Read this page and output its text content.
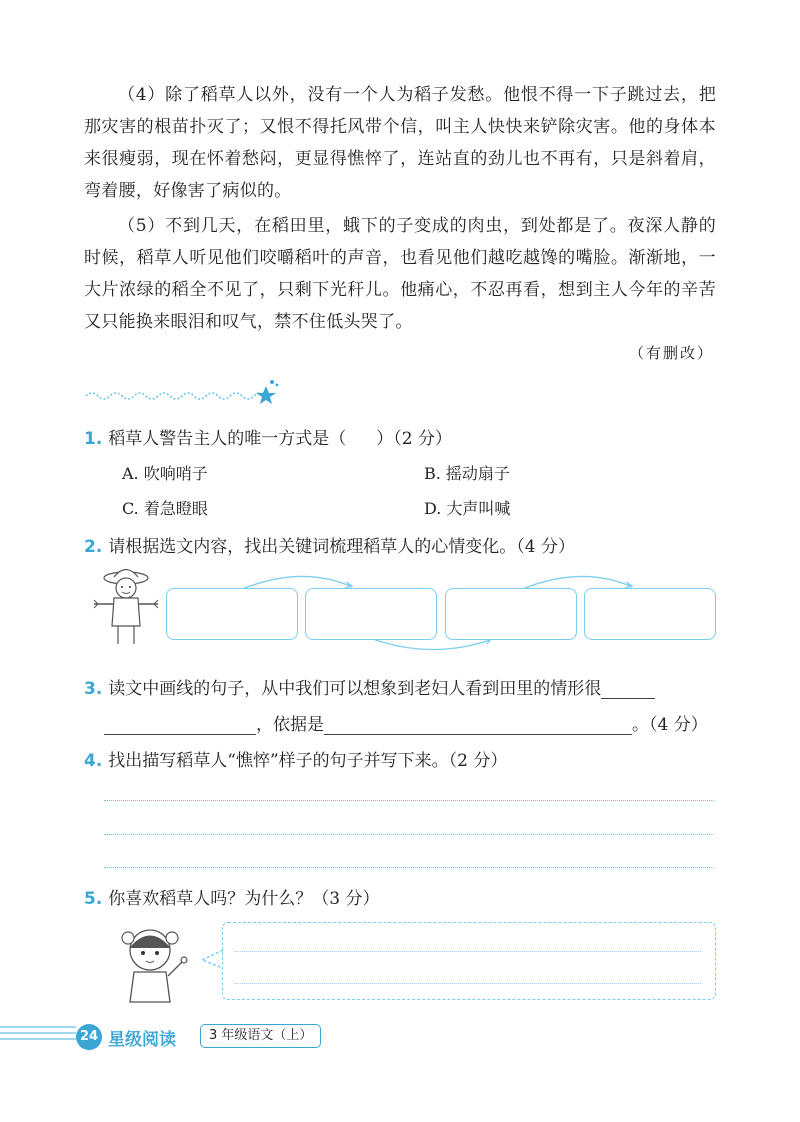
（4）除了稻草人以外，没有一个人为稻子发愁。他恨不得一下子跳过去，把那灾害的根苗扑灭了；又恨不得托风带个信，叫主人快快来铲除灾害。他的身体本来很瘦弱，现在怀着愁闷，更显得憔悴了，连站直的劲儿也不再有，只是斜着肩，弯着腰，好像害了病似的。

（5）不到几天，在稻田里，蛾下的子变成的肉虫，到处都是了。夜深人静的时候，稻草人听见他们咬嚼稻叶的声音，也看见他们越吃越馋的嘴脸。渐渐地，一大片浓绿的稻全不见了，只剩下光秆儿。他痛心，不忍再看，想到主人今年的辛苦又只能换来眼泪和叹气，禁不住低头哭了。

（有删改）
1. 稻草人警告主人的唯一方式是（ ）（2 分）
A. 吹响哨子	B. 摇动扇子
C. 着急瞪眼	D. 大声叫喊
2. 请根据选文内容，找出关键词梳理稻草人的心情变化。（4 分）
3. 读文中画线的句子，从中我们可以想象到老妇人看到田里的情形很
，依据是	。（4 分）
4. 找出描写稻草人“憔悴”样子的句子并写下来。（2 分）
5. 你喜欢稻草人吗？为什么？（3 分）
24 星级阅读	3 年级语文（上）
